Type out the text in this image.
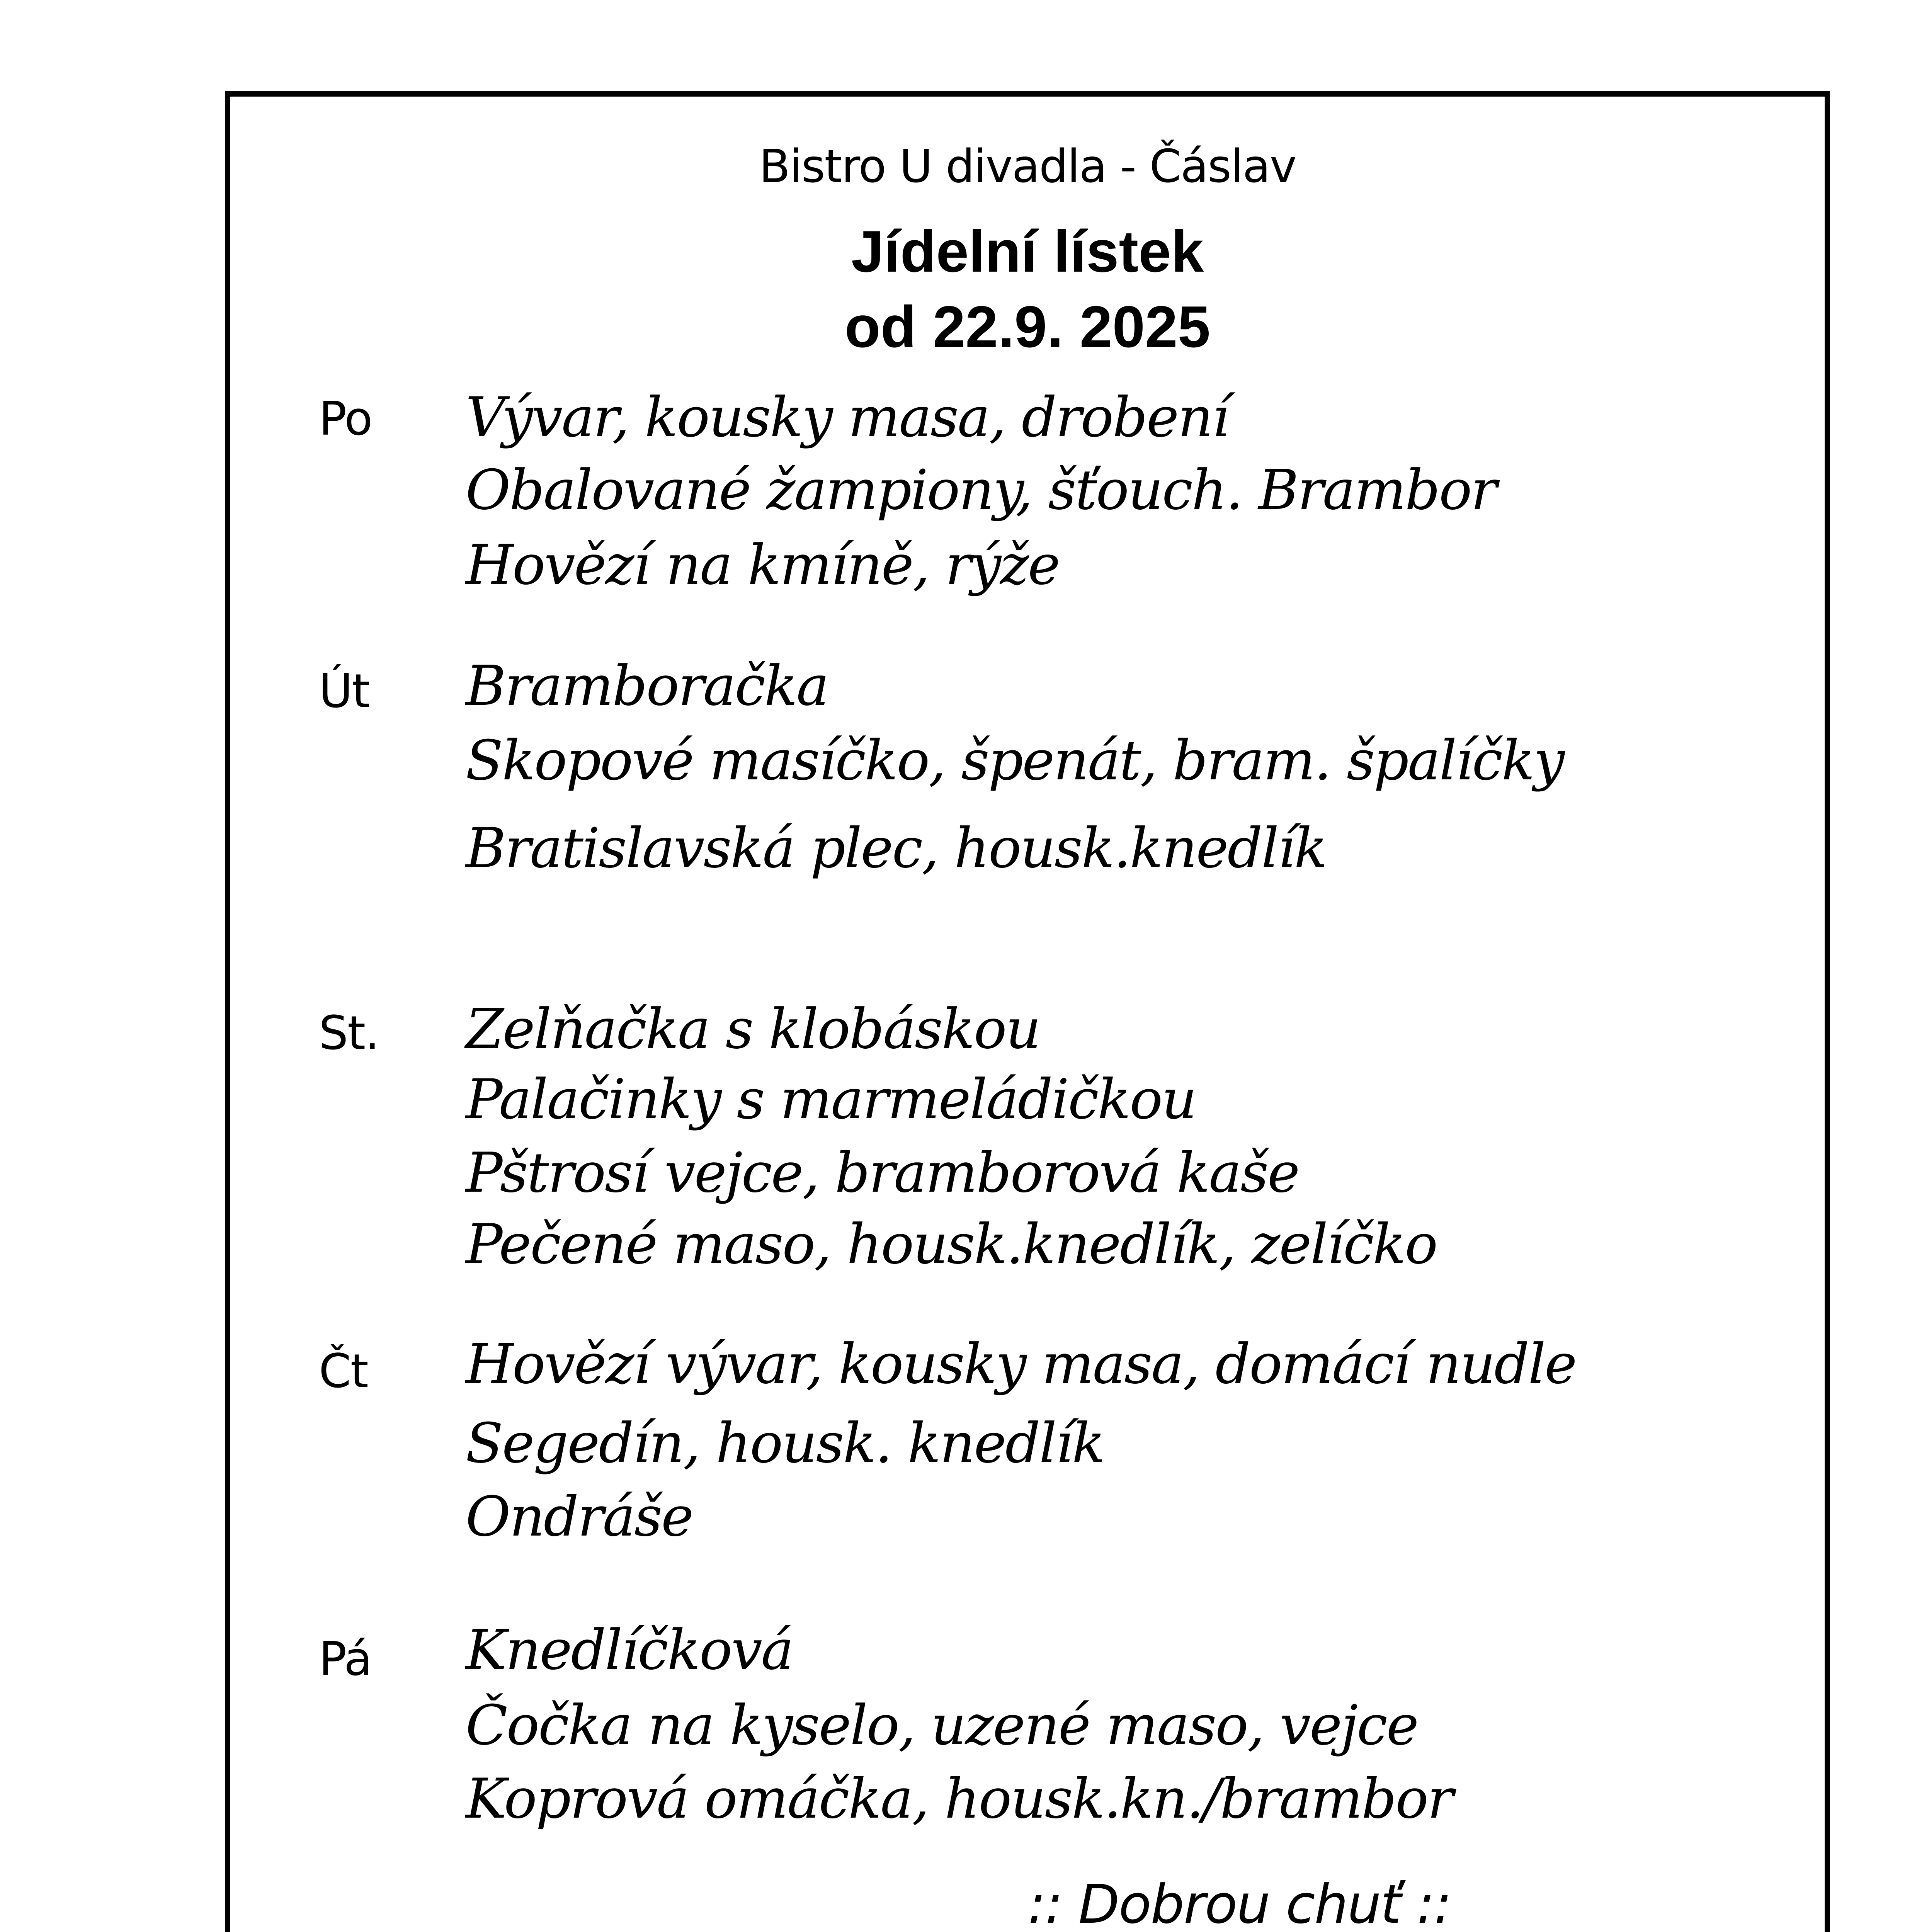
Bistro U divadla - Čáslav
Jídelní lístek
od 22.9. 2025
Po Vývar, kousky masa, drobení
Obalované žampiony, šťouch. Brambor
Hovězí na kmíně, rýže
Út Bramboračka
Skopové masíčko, špenát, bram. špalíčky
Bratislavská plec, housk.knedlík
St. Zelňačka s klobáskou
Palačinky s marmeládičkou
Pštrosí vejce, bramborová kaše
Pečené maso, housk.knedlík, zelíčko
Čt Hovězí vývar, kousky masa, domácí nudle
Segedín, housk. knedlík
Ondráše
Pá Knedlíčková
Čočka na kyselo, uzené maso, vejce
Koprová omáčka, housk.kn./brambor
:: Dobrou chuť ::
